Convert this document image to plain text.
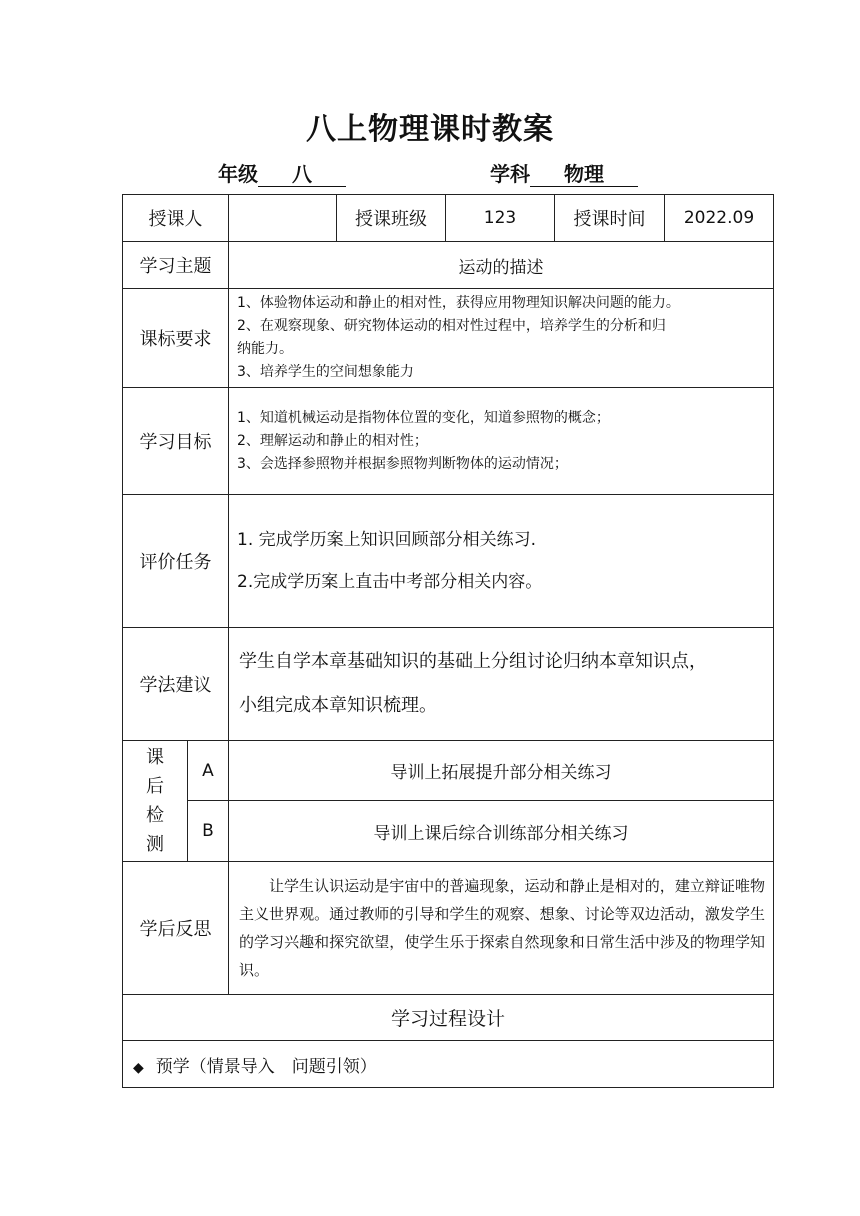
八上物理课时教案
年级 八	学科 物理
授课人			授课班级	123	授课时间	2022.09
学习主题		运动的描述				
课标要求		1、体验物体运动和静止的相对性，获得应用物理知识解决问题的能力。
2、在观察现象、研究物体运动的相对性过程中，培养学生的分析和归
纳能力。
3、培养学生的空间想象能力				

学习目标		1、知道机械运动是指物体位置的变化，知道参照物的概念；
2、理解运动和静止的相对性；
3、会选择参照物并根据参照物判断物体的运动情况；				

评价任务		1. 完成学历案上知识回顾部分相关练习.
2.完成学历案上直击中考部分相关内容。				

学法建议		学生自学本章基础知识的基础上分组讨论归纳本章知识点，
小组完成本章知识梳理。				

课
后
检
测	A	导训上拓展提升部分相关练习				
	B	导训上课后综合训练部分相关练习				
学后反思		让学生认识运动是宇宙中的普遍现象，运动和静止是相对的，建立辩证唯物主义世界观。通过教师的引导和学生的观察、想象、讨论等双边活动，激发学生的学习兴趣和探究欲望，使学生乐于探索自然现象和日常生活中涉及的物理学知识。				

学习过程设计						
◆ 预学（情景导入　问题引领）						
